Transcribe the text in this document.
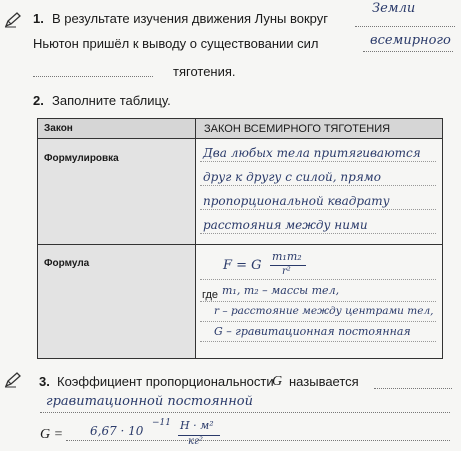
1. В результате изучения движения Луны вокруг
Земли
Ньютон пришёл к выводу о существовании сил	всемирного
тяготения.
2. Заполните таблицу.
Закон	ЗАКОН ВСЕМИРНОГО ТЯГОТЕНИЯ
Формулировка	Два любых тела притягиваются
друг к другу с силой, прямо
пропорциональной квадрату
расстояния между ними
Формула	F = G
m₁m₂
r²
где m₁, m₂ – массы тел,
r – расстояние между центрами тел,
G – гравитационная постоянная
3. Коэффициент пропорциональности
G называется
гравитационной постоянной
G = 6,67 · 10
−11 Н · м²
кг²
